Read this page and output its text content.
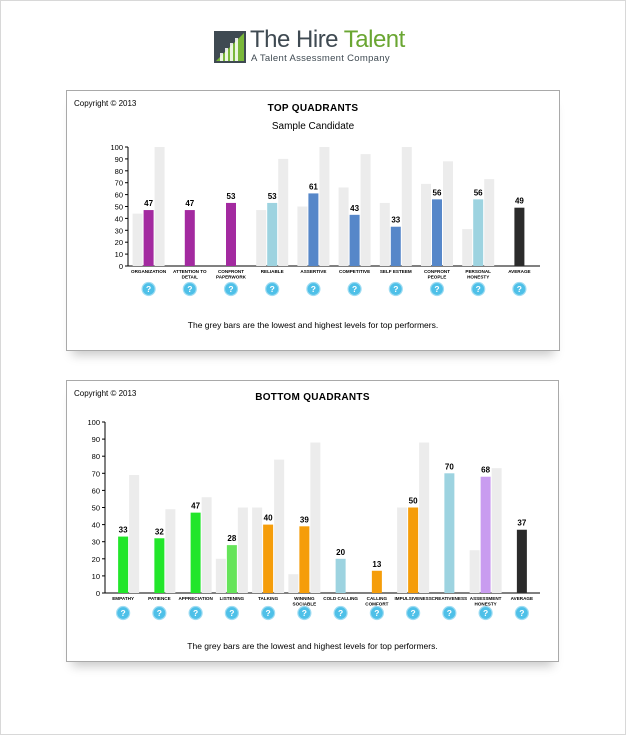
The Hire Talent
A Talent Assessment Company
Copyright © 2013	TOP QUADRANTS
Sample Candidate
0
10
20
30
40
50
60
70
80
90
100
47
ORGANIZATION
?
47
ATTENTION TO
DETAIL
?
53
CONFRONT
PAPERWORK
?
53
RELIABLE
?
61
ASSERTIVE
?
43
COMPETITIVE
?
33
SELF ESTEEM
?
56
CONFRONT
PEOPLE
?
56
PERSONAL
HONESTY
?
49
AVERAGE
?
The grey bars are the lowest and highest levels for top performers.
Copyright © 2013	BOTTOM QUADRANTS
0
10
20
30
40
50
60
70
80
90
100
33
EMPATHY
?
32
PATIENCE
?
47
APPRECIATION
?
28
LISTENING
?
40
TALKING
?
39
WINNING
SOCIABLE
?
20
COLD CALLING
?
13
CALLING
COMFORT
?
50
IMPULSIVENESS
?
70
CREATIVENESS
?
68
ASSESSMENT
HONESTY
?
37
AVERAGE
?
The grey bars are the lowest and highest levels for top performers.
